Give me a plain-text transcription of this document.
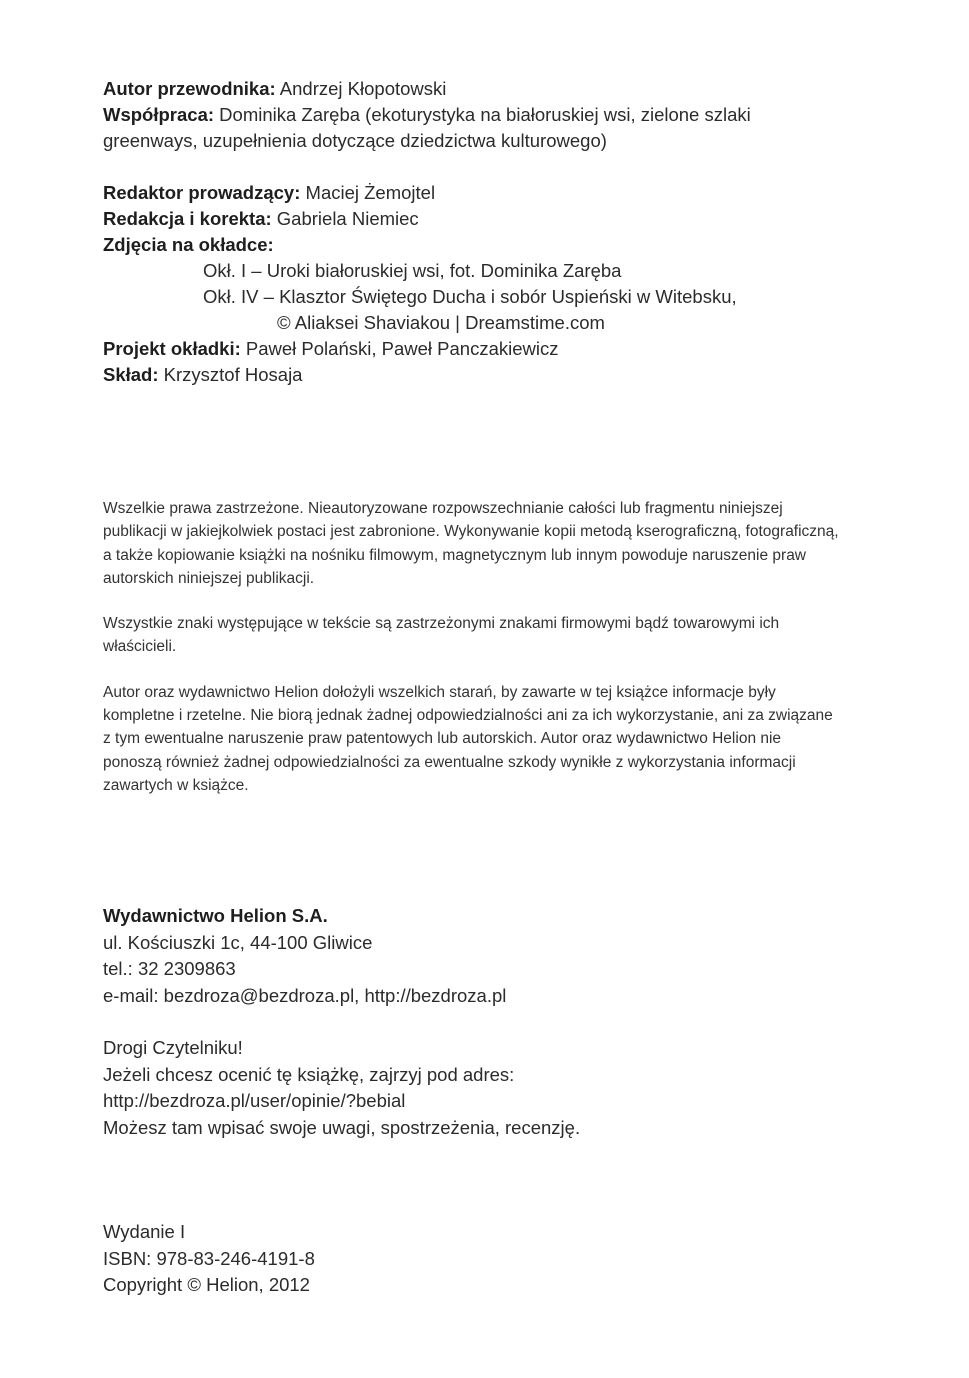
Autor przewodnika: Andrzej Kłopotowski
Współpraca: Dominika Zaręba (ekoturystyka na białoruskiej wsi, zielone szlaki greenways, uzupełnienia dotyczące dziedzictwa kulturowego)
Redaktor prowadzący: Maciej Żemojtel
Redakcja i korekta: Gabriela Niemiec
Zdjęcia na okładce:
Okł. I – Uroki białoruskiej wsi, fot. Dominika Zaręba
Okł. IV – Klasztor Świętego Ducha i sobór Uspieński w Witebsku,
© Aliaksei Shaviakou | Dreamstime.com
Projekt okładki: Paweł Polański, Paweł Panczakiewicz
Skład: Krzysztof Hosaja

Wszelkie prawa zastrzeżone. Nieautoryzowane rozpowszechnianie całości lub fragmentu niniejszej publikacji w jakiejkolwiek postaci jest zabronione. Wykonywanie kopii metodą kserograficzną, fotograficzną, a także kopiowanie książki na nośniku filmowym, magnetycznym lub innym powoduje naruszenie praw autorskich niniejszej publikacji.

Wszystkie znaki występujące w tekście są zastrzeżonymi znakami firmowymi bądź towarowymi ich właścicieli.

Autor oraz wydawnictwo Helion dołożyli wszelkich starań, by zawarte w tej książce informacje były kompletne i rzetelne. Nie biorą jednak żadnej odpowiedzialności ani za ich wykorzystanie, ani za związane z tym ewentualne naruszenie praw patentowych lub autorskich. Autor oraz wydawnictwo Helion nie ponoszą również żadnej odpowiedzialności za ewentualne szkody wynikłe z wykorzystania informacji zawartych w książce.

Wydawnictwo Helion S.A.
ul. Kościuszki 1c, 44-100 Gliwice
tel.: 32 2309863
e-mail: bezdroza@bezdroza.pl, http://bezdroza.pl
Drogi Czytelniku!
Jeżeli chcesz ocenić tę książkę, zajrzyj pod adres:
http://bezdroza.pl/user/opinie/?bebial
Możesz tam wpisać swoje uwagi, spostrzeżenia, recenzję.
Wydanie I
ISBN: 978-83-246-4191-8
Copyright © Helion, 2012
